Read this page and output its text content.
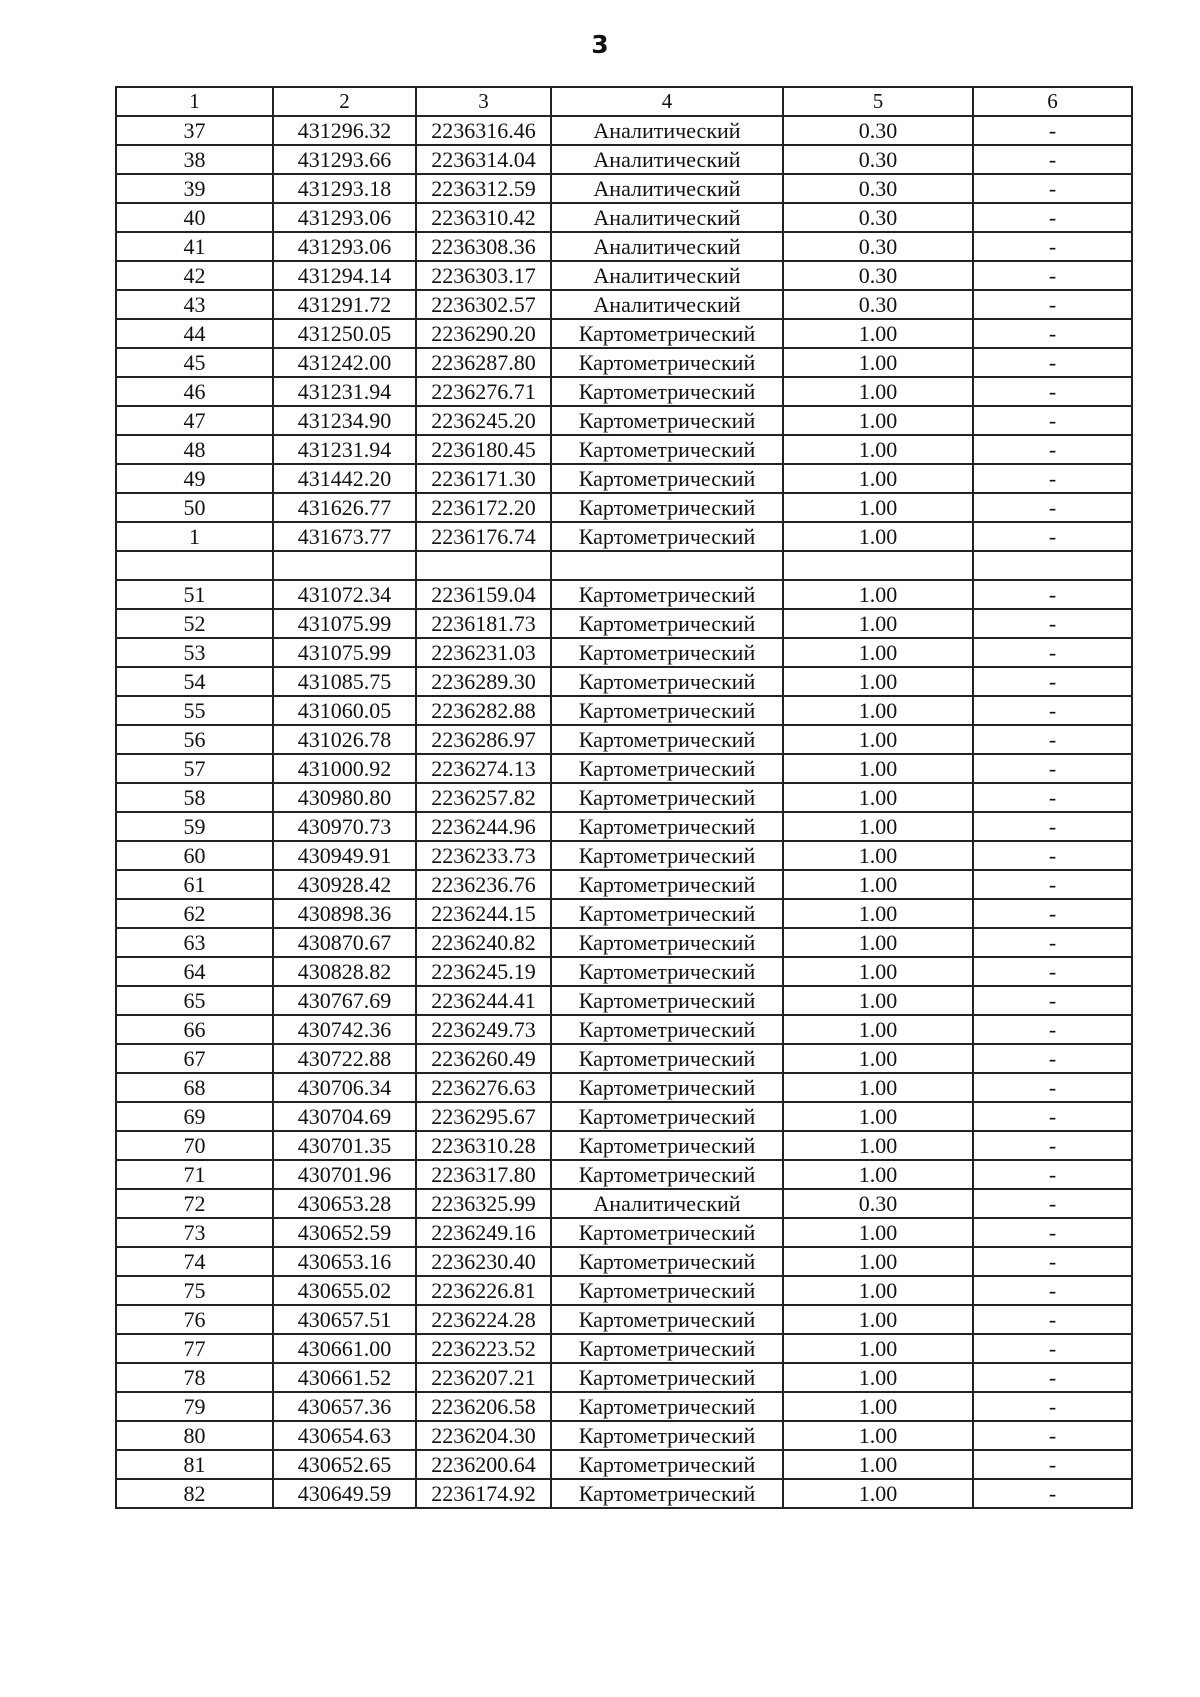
3
1	2	3	4	5	6
37	431296.32	2236316.46	Аналитический	0.30	-
38	431293.66	2236314.04	Аналитический	0.30	-
39	431293.18	2236312.59	Аналитический	0.30	-
40	431293.06	2236310.42	Аналитический	0.30	-
41	431293.06	2236308.36	Аналитический	0.30	-
42	431294.14	2236303.17	Аналитический	0.30	-
43	431291.72	2236302.57	Аналитический	0.30	-
44	431250.05	2236290.20	Картометрический	1.00	-
45	431242.00	2236287.80	Картометрический	1.00	-
46	431231.94	2236276.71	Картометрический	1.00	-
47	431234.90	2236245.20	Картометрический	1.00	-
48	431231.94	2236180.45	Картометрический	1.00	-
49	431442.20	2236171.30	Картометрический	1.00	-
50	431626.77	2236172.20	Картометрический	1.00	-
1	431673.77	2236176.74	Картометрический	1.00	-

51	431072.34	2236159.04	Картометрический	1.00	-
52	431075.99	2236181.73	Картометрический	1.00	-
53	431075.99	2236231.03	Картометрический	1.00	-
54	431085.75	2236289.30	Картометрический	1.00	-
55	431060.05	2236282.88	Картометрический	1.00	-
56	431026.78	2236286.97	Картометрический	1.00	-
57	431000.92	2236274.13	Картометрический	1.00	-
58	430980.80	2236257.82	Картометрический	1.00	-
59	430970.73	2236244.96	Картометрический	1.00	-
60	430949.91	2236233.73	Картометрический	1.00	-
61	430928.42	2236236.76	Картометрический	1.00	-
62	430898.36	2236244.15	Картометрический	1.00	-
63	430870.67	2236240.82	Картометрический	1.00	-
64	430828.82	2236245.19	Картометрический	1.00	-
65	430767.69	2236244.41	Картометрический	1.00	-
66	430742.36	2236249.73	Картометрический	1.00	-
67	430722.88	2236260.49	Картометрический	1.00	-
68	430706.34	2236276.63	Картометрический	1.00	-
69	430704.69	2236295.67	Картометрический	1.00	-
70	430701.35	2236310.28	Картометрический	1.00	-
71	430701.96	2236317.80	Картометрический	1.00	-
72	430653.28	2236325.99	Аналитический	0.30	-
73	430652.59	2236249.16	Картометрический	1.00	-
74	430653.16	2236230.40	Картометрический	1.00	-
75	430655.02	2236226.81	Картометрический	1.00	-
76	430657.51	2236224.28	Картометрический	1.00	-
77	430661.00	2236223.52	Картометрический	1.00	-
78	430661.52	2236207.21	Картометрический	1.00	-
79	430657.36	2236206.58	Картометрический	1.00	-
80	430654.63	2236204.30	Картометрический	1.00	-
81	430652.65	2236200.64	Картометрический	1.00	-
82	430649.59	2236174.92	Картометрический	1.00	-
